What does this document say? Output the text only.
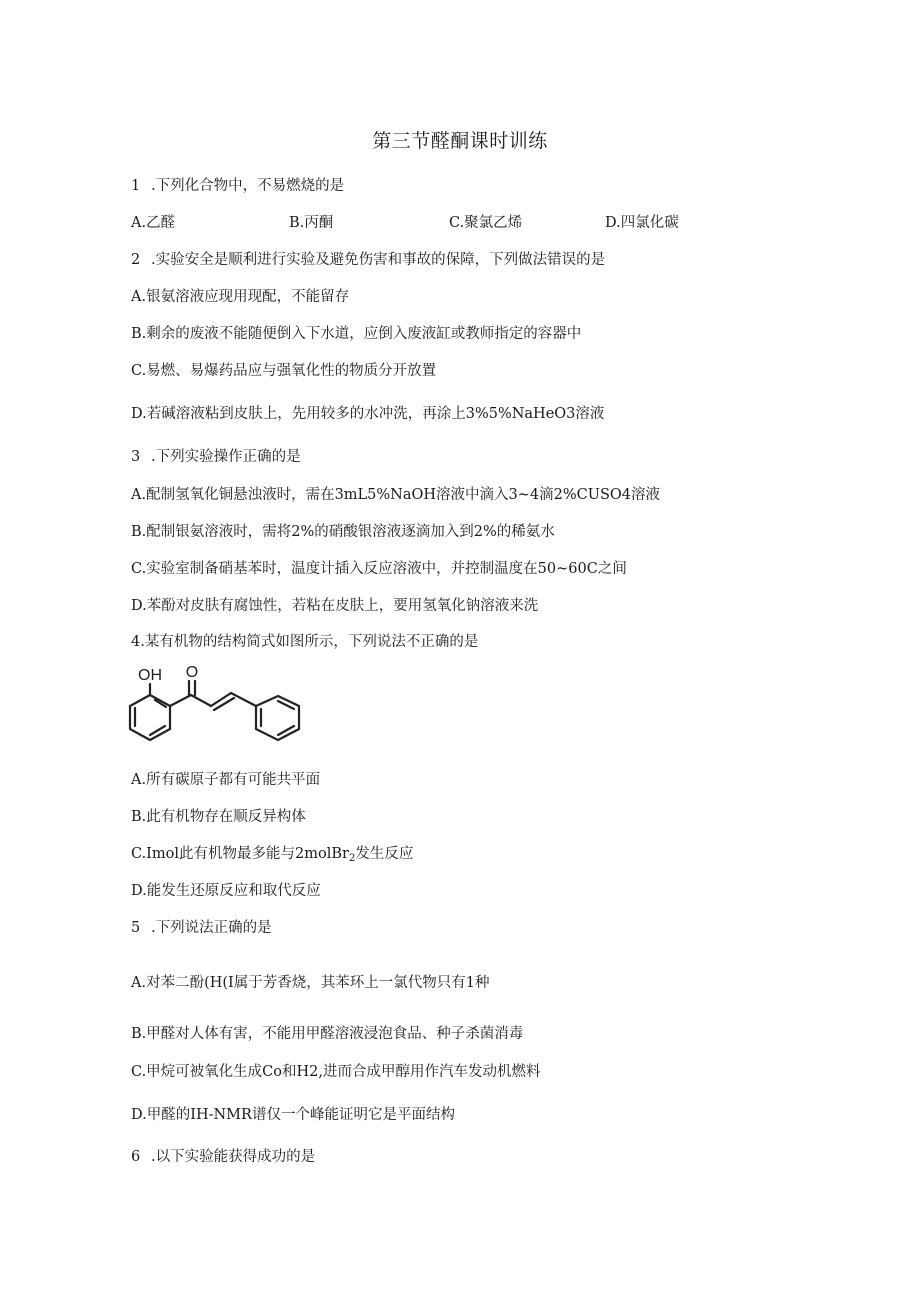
第三节醛酮课时训练
1 .下列化合物中，不易燃烧的是
A.乙醛	B.丙酮	C.聚氯乙烯	D.四氯化碳
2 .实验安全是顺利进行实验及避免伤害和事故的保障，下列做法错误的是
A.银氨溶液应现用现配，不能留存
B.剩余的废液不能随便倒入下水道，应倒入废液缸或教师指定的容器中
C.易燃、易爆药品应与强氧化性的物质分开放置
D.若碱溶液粘到皮肤上，先用较多的水冲洗，再涂上3%5%NaHeO3溶液
3 .下列实验操作正确的是
A.配制氢氧化铜悬浊液时，需在3mL5%NaOH溶液中滴入3~4滴2%CUSO4溶液
B.配制银氨溶液时，需将2%的硝酸银溶液逐滴加入到2%的稀氨水
C.实验室制备硝基苯时，温度计插入反应溶液中，并控制温度在50~60C之间
D.苯酚对皮肤有腐蚀性，若粘在皮肤上，要用氢氧化钠溶液来洗
4.某有机物的结构简式如图所示，下列说法不正确的是
OH O
A.所有碳原子都有可能共平面
B.此有机物存在顺反异构体
C.Imol此有机物最多能与2molBr$_2$发生反应
D.能发生还原反应和取代反应
5 .下列说法正确的是
A.对苯二酚(H(I属于芳香烧，其苯环上一氯代物只有1种
B.甲醛对人体有害，不能用甲醛溶液浸泡食品、种子杀菌消毒
C.甲烷可被氧化生成Co和H2,进而合成甲醇用作汽车发动机燃料
D.甲醛的IH-NMR谱仅一个峰能证明它是平面结构
6 .以下实验能获得成功的是
